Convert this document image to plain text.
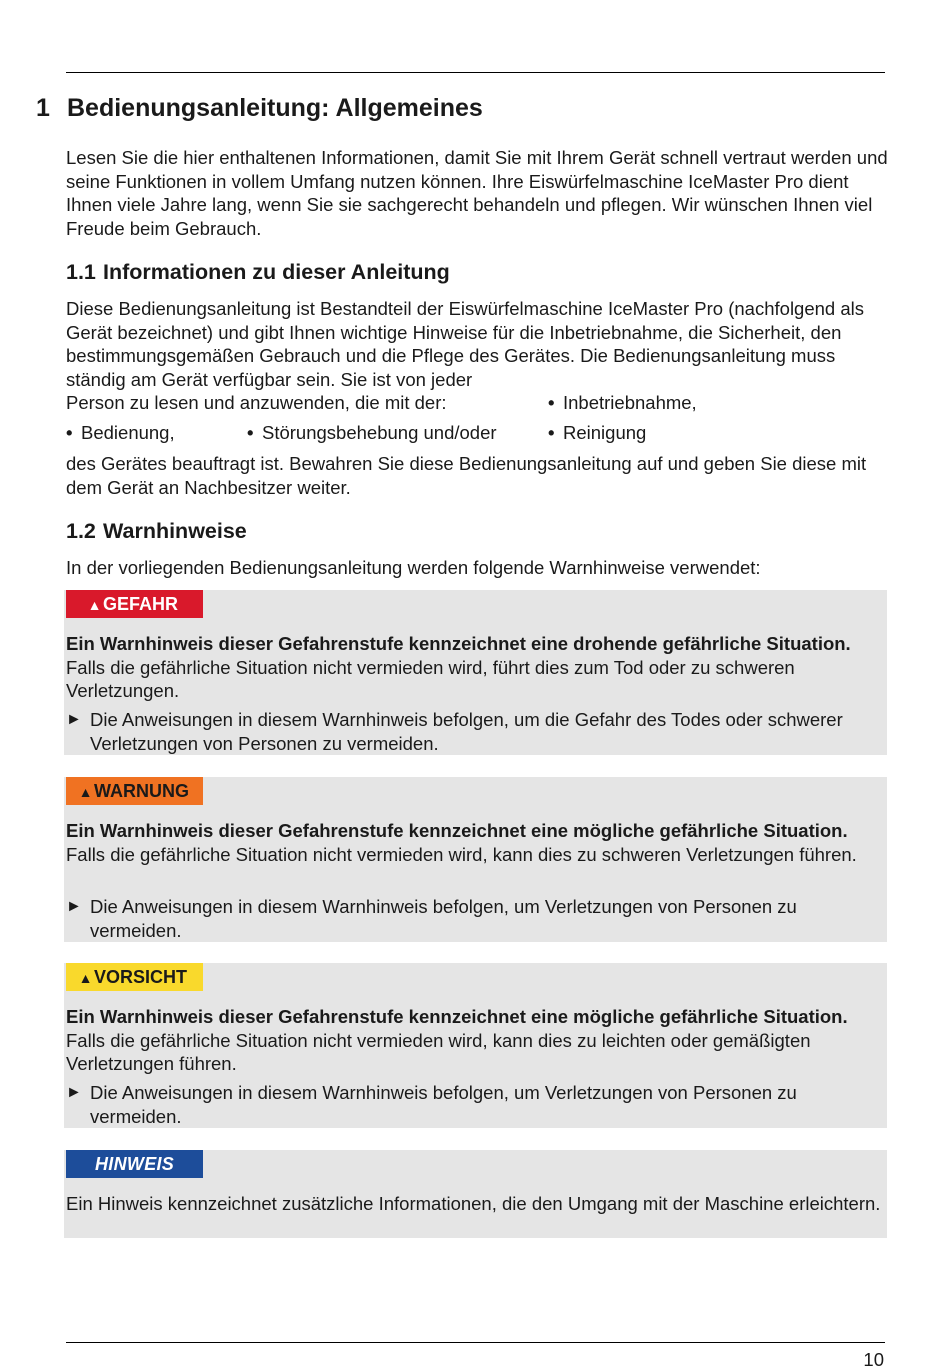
1 Bedienungsanleitung: Allgemeines
Lesen Sie die hier enthaltenen Informationen, damit Sie mit Ihrem Gerät schnell vertraut werden und seine Funktionen in vollem Umfang nutzen können. Ihre Eiswürfelmaschine IceMaster Pro dient Ihnen viele Jahre lang, wenn Sie sie sachgerecht behandeln und pflegen. Wir wünschen Ihnen viel Freude beim Gebrauch.
1.1 Informationen zu dieser Anleitung
Diese Bedienungsanleitung ist Bestandteil der Eiswürfelmaschine IceMaster Pro (nachfolgend als Gerät bezeichnet) und gibt Ihnen wichtige Hinweise für die Inbetriebnahme, die Sicherheit, den bestimmungsgemäßen Gebrauch und die Pflege des Gerätes. Die Bedienungsanleitung muss ständig am Gerät verfügbar sein. Sie ist von jeder
Person zu lesen und anzuwenden, die mit der:	• Inbetriebnahme,
• Bedienung,	• Störungsbehebung und/oder	• Reinigung
des Gerätes beauftragt ist. Bewahren Sie diese Bedienungsanleitung auf und geben Sie diese mit dem Gerät an Nachbesitzer weiter.
1.2 Warnhinweise
In der vorliegenden Bedienungsanleitung werden folgende Warnhinweise verwendet:
▲GEFAHR
Ein Warnhinweis dieser Gefahrenstufe kennzeichnet eine drohende gefährliche Situation. Falls die gefährliche Situation nicht vermieden wird, führt dies zum Tod oder zu schweren Verletzungen.
► Die Anweisungen in diesem Warnhinweis befolgen, um die Gefahr des Todes oder schwerer Verletzungen von Personen zu vermeiden.
▲WARNUNG
Ein Warnhinweis dieser Gefahrenstufe kennzeichnet eine mögliche gefährliche Situation. Falls die gefährliche Situation nicht vermieden wird, kann dies zu schweren Verletzungen führen.
► Die Anweisungen in diesem Warnhinweis befolgen, um Verletzungen von Personen zu vermeiden.
▲VORSICHT
Ein Warnhinweis dieser Gefahrenstufe kennzeichnet eine mögliche gefährliche Situation. Falls die gefährliche Situation nicht vermieden wird, kann dies zu leichten oder gemäßigten Verletzungen führen.
► Die Anweisungen in diesem Warnhinweis befolgen, um Verletzungen von Personen zu vermeiden.
HINWEIS
Ein Hinweis kennzeichnet zusätzliche Informationen, die den Umgang mit der Maschine erleichtern.
10
